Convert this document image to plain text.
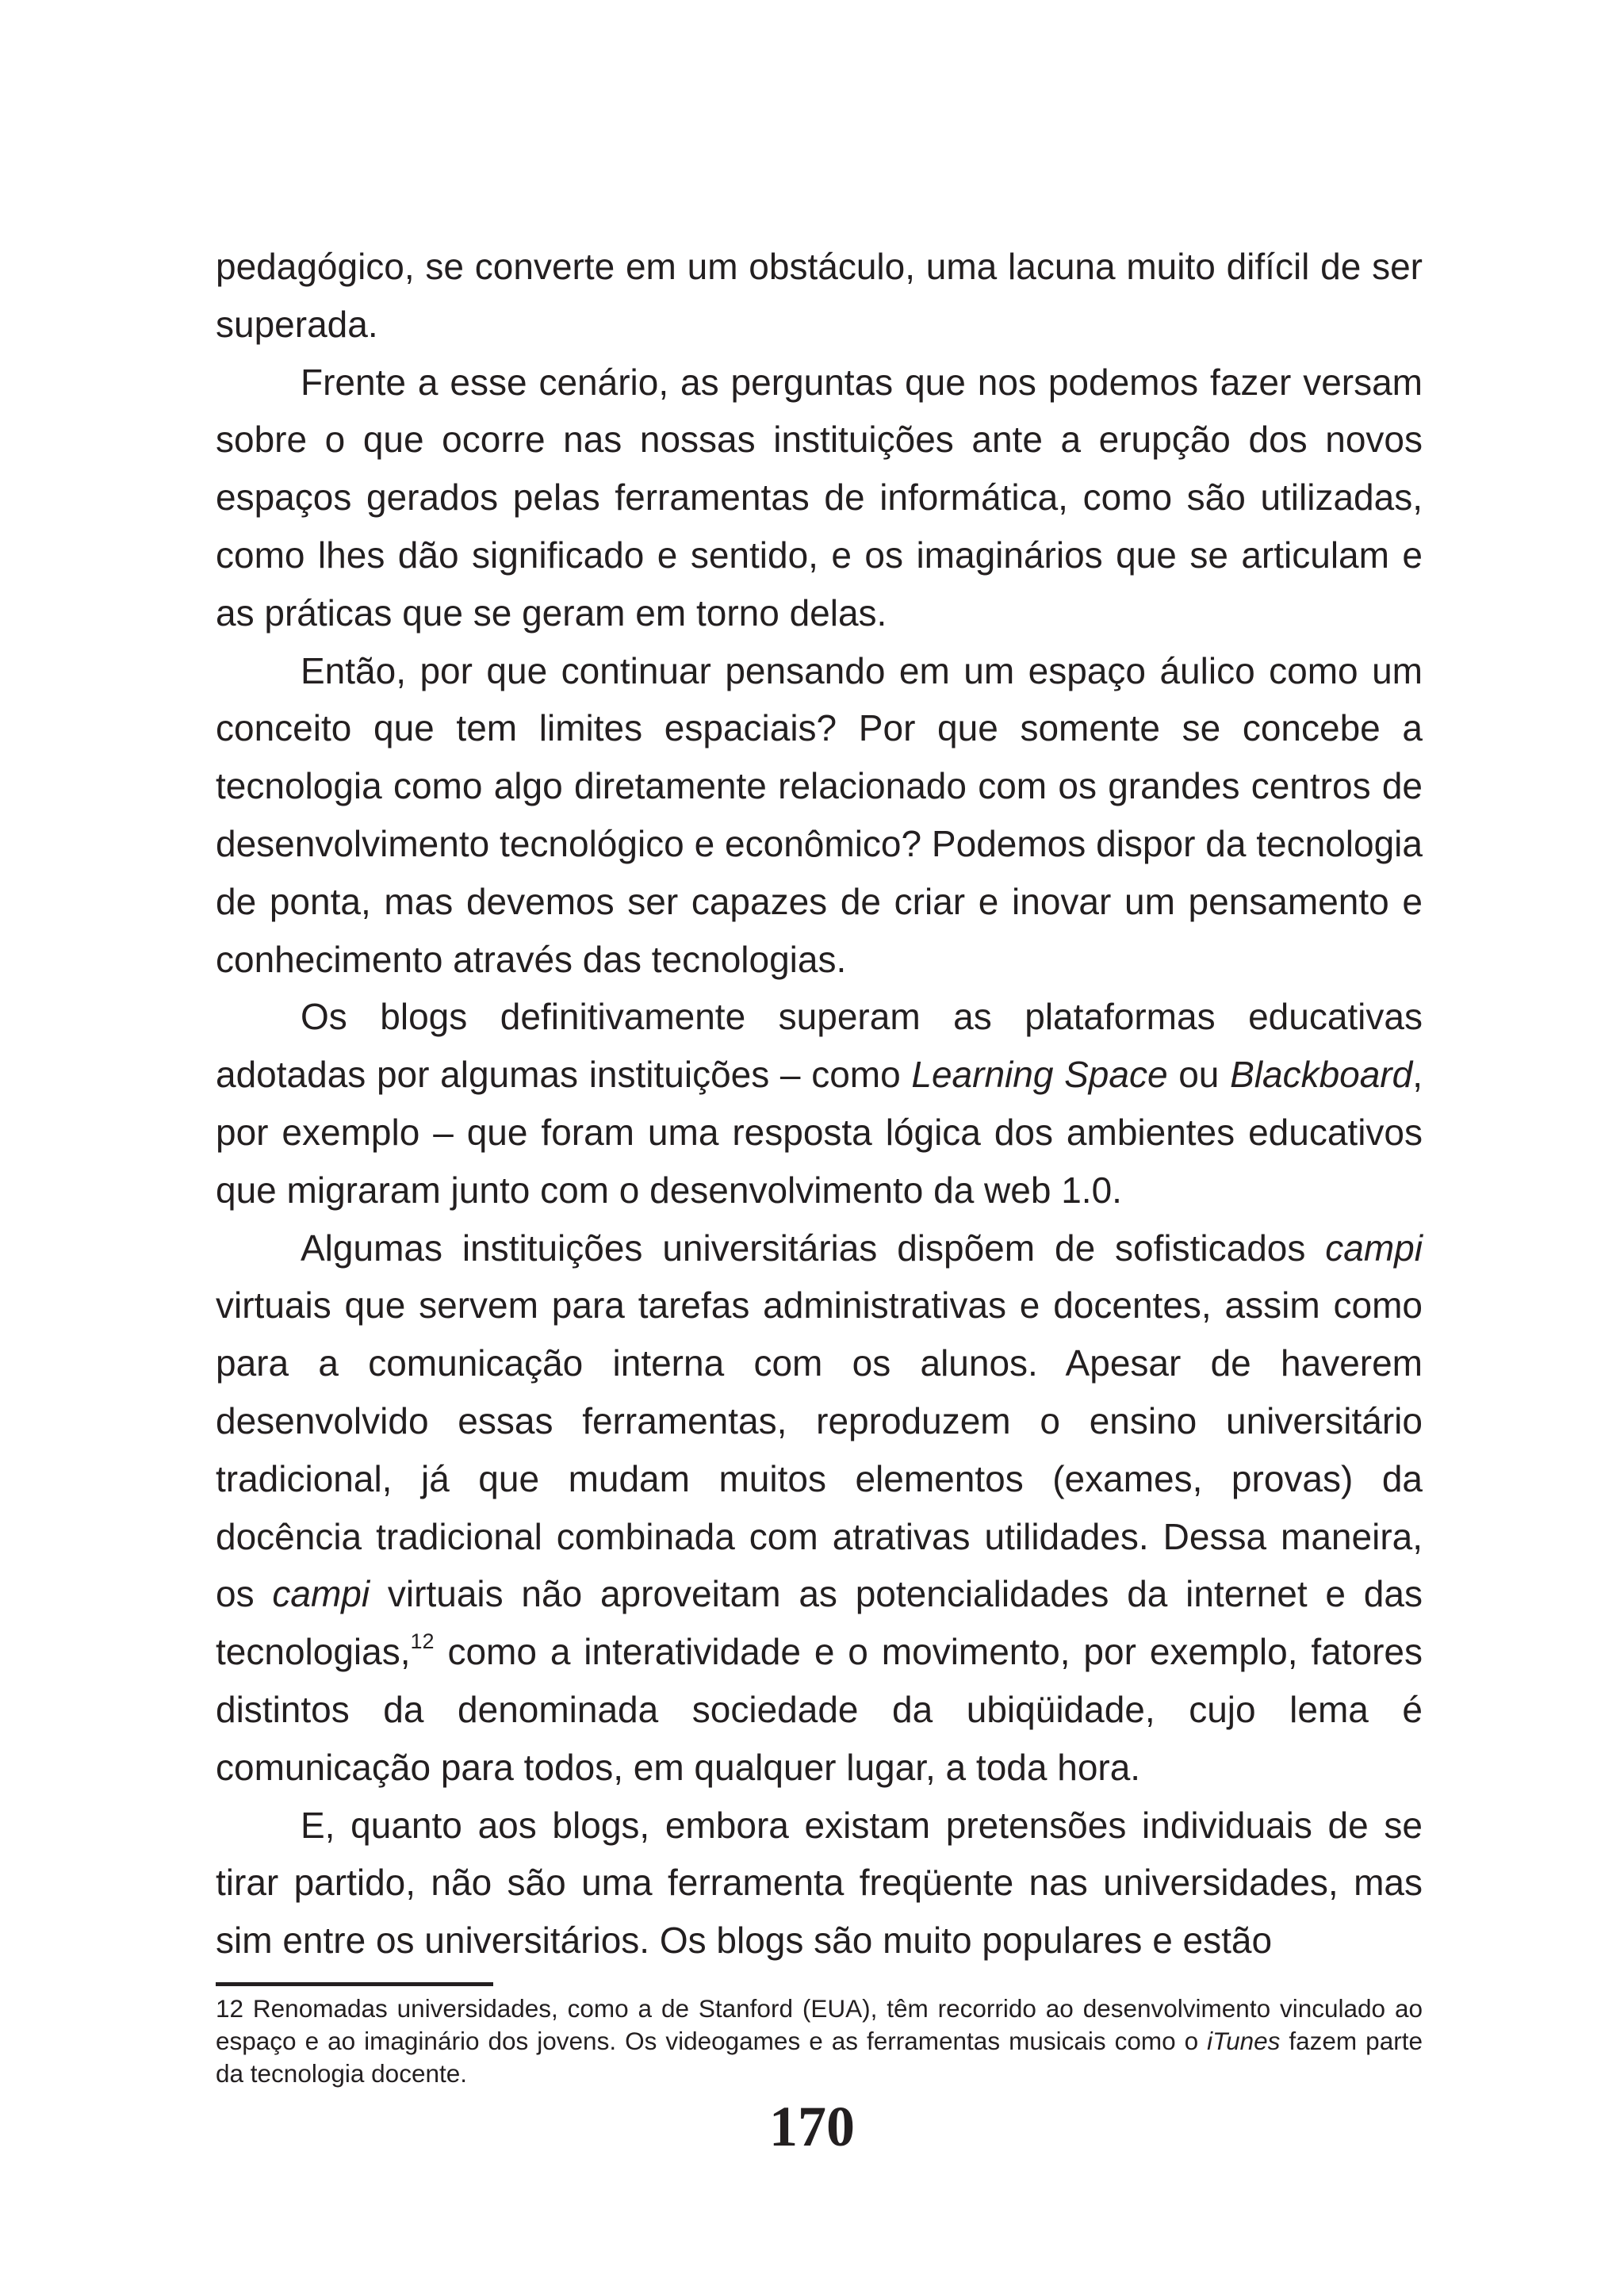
pedagógico, se converte em um obstáculo, uma lacuna muito difícil de ser superada.

Frente a esse cenário, as perguntas que nos podemos fazer versam sobre o que ocorre nas nossas instituições ante a erupção dos novos espaços gerados pelas ferramentas de informática, como são utilizadas, como lhes dão significado e sentido, e os imaginários que se articulam e as práticas que se geram em torno delas.

Então, por que continuar pensando em um espaço áulico como um conceito que tem limites espaciais? Por que somente se concebe a tecnologia como algo diretamente relacionado com os grandes centros de desenvolvimento tecnológico e econômico? Podemos dispor da tecnologia de ponta, mas devemos ser capazes de criar e inovar um pensamento e conhecimento através das tecnologias.

Os blogs definitivamente superam as plataformas educativas adotadas por algumas instituições – como Learning Space ou Blackboard, por exemplo – que foram uma resposta lógica dos ambientes educativos que migraram junto com o desenvolvimento da web 1.0.

Algumas instituições universitárias dispõem de sofisticados campi virtuais que servem para tarefas administrativas e docentes, assim como para a comunicação interna com os alunos. Apesar de haverem desenvolvido essas ferramentas, reproduzem o ensino universitário tradicional, já que mudam muitos elementos (exames, provas) da docência tradicional combinada com atrativas utilidades. Dessa maneira, os campi virtuais não aproveitam as potencialidades da internet e das tecnologias,$^{12}$ como a interatividade e o movimento, por exemplo, fatores distintos da denominada sociedade da ubiqüidade, cujo lema é comunicação para todos, em qualquer lugar, a toda hora.

E, quanto aos blogs, embora existam pretensões individuais de se tirar partido, não são uma ferramenta freqüente nas universidades, mas sim entre os universitários. Os blogs são muito populares e estão

12 Renomadas universidades, como a de Stanford (EUA), têm recorrido ao desenvolvimento vinculado ao espaço e ao imaginário dos jovens. Os videogames e as ferramentas musicais como o iTunes fazem parte da tecnologia docente.

170
